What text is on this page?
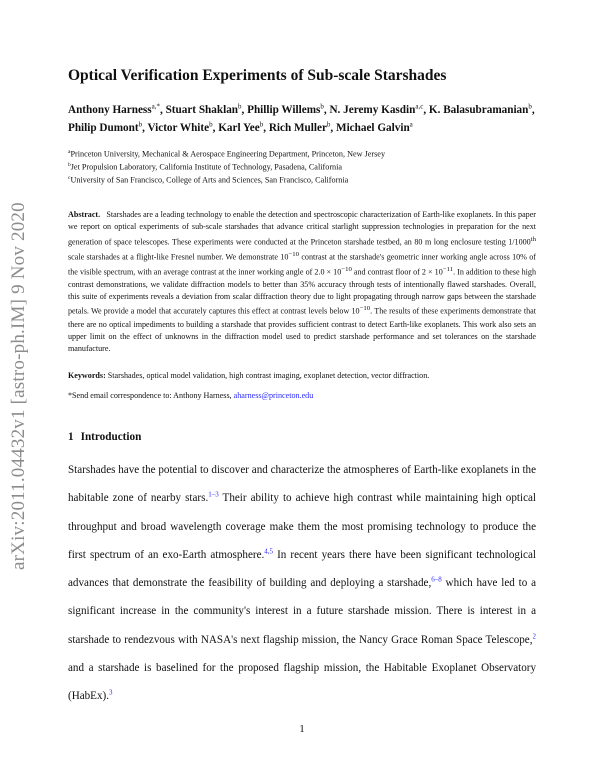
arXiv:2011.04432v1 [astro-ph.IM] 9 Nov 2020
Optical Verification Experiments of Sub-scale Starshades
Anthony Harness$^{a,*}$, Stuart Shaklan$^b$, Phillip Willems$^b$, N. Jeremy Kasdin$^{a,c}$, K. Balasubramanian$^b$, Philip Dumont$^b$, Victor White$^b$, Karl Yee$^b$, Rich Muller$^b$, Michael Galvin$^a$
$^a$Princeton University, Mechanical & Aerospace Engineering Department, Princeton, New Jersey
$^b$Jet Propulsion Laboratory, California Institute of Technology, Pasadena, California
$^c$University of San Francisco, College of Arts and Sciences, San Francisco, California
Abstract. Starshades are a leading technology to enable the detection and spectroscopic characterization of Earth-like exoplanets. In this paper we report on optical experiments of sub-scale starshades that advance critical starlight suppression technologies in preparation for the next generation of space telescopes. These experiments were conducted at the Princeton starshade testbed, an 80 m long enclosure testing 1/1000th scale starshades at a flight-like Fresnel number. We demonstrate $10^{-10}$ contrast at the starshade's geometric inner working angle across 10% of the visible spectrum, with an average contrast at the inner working angle of $2.0 \times 10^{-10}$ and contrast floor of $2 \times 10^{-11}$. In addition to these high contrast demonstrations, we validate diffraction models to better than 35% accuracy through tests of intentionally flawed starshades. Overall, this suite of experiments reveals a deviation from scalar diffraction theory due to light propagating through narrow gaps between the starshade petals. We provide a model that accurately captures this effect at contrast levels below $10^{-10}$. The results of these experiments demonstrate that there are no optical impediments to building a starshade that provides sufficient contrast to detect Earth-like exoplanets. This work also sets an upper limit on the effect of unknowns in the diffraction model used to predict starshade performance and set tolerances on the starshade manufacture.
Keywords: Starshades, optical model validation, high contrast imaging, exoplanet detection, vector diffraction.
*Send email correspondence to: Anthony Harness, aharness@princeton.edu
1 Introduction
Starshades have the potential to discover and characterize the atmospheres of Earth-like exoplanets in the habitable zone of nearby stars.$^{1-3}$ Their ability to achieve high contrast while maintaining high optical throughput and broad wavelength coverage make them the most promising technology to produce the first spectrum of an exo-Earth atmosphere.$^{4,5}$ In recent years there have been significant technological advances that demonstrate the feasibility of building and deploying a starshade,$^{6-8}$ which have led to a significant increase in the community's interest in a future starshade mission. There is interest in a starshade to rendezvous with NASA's next flagship mission, the Nancy Grace Roman Space Telescope,$^2$ and a starshade is baselined for the proposed flagship mission, the Habitable Exoplanet Observatory (HabEx).$^3$
1
